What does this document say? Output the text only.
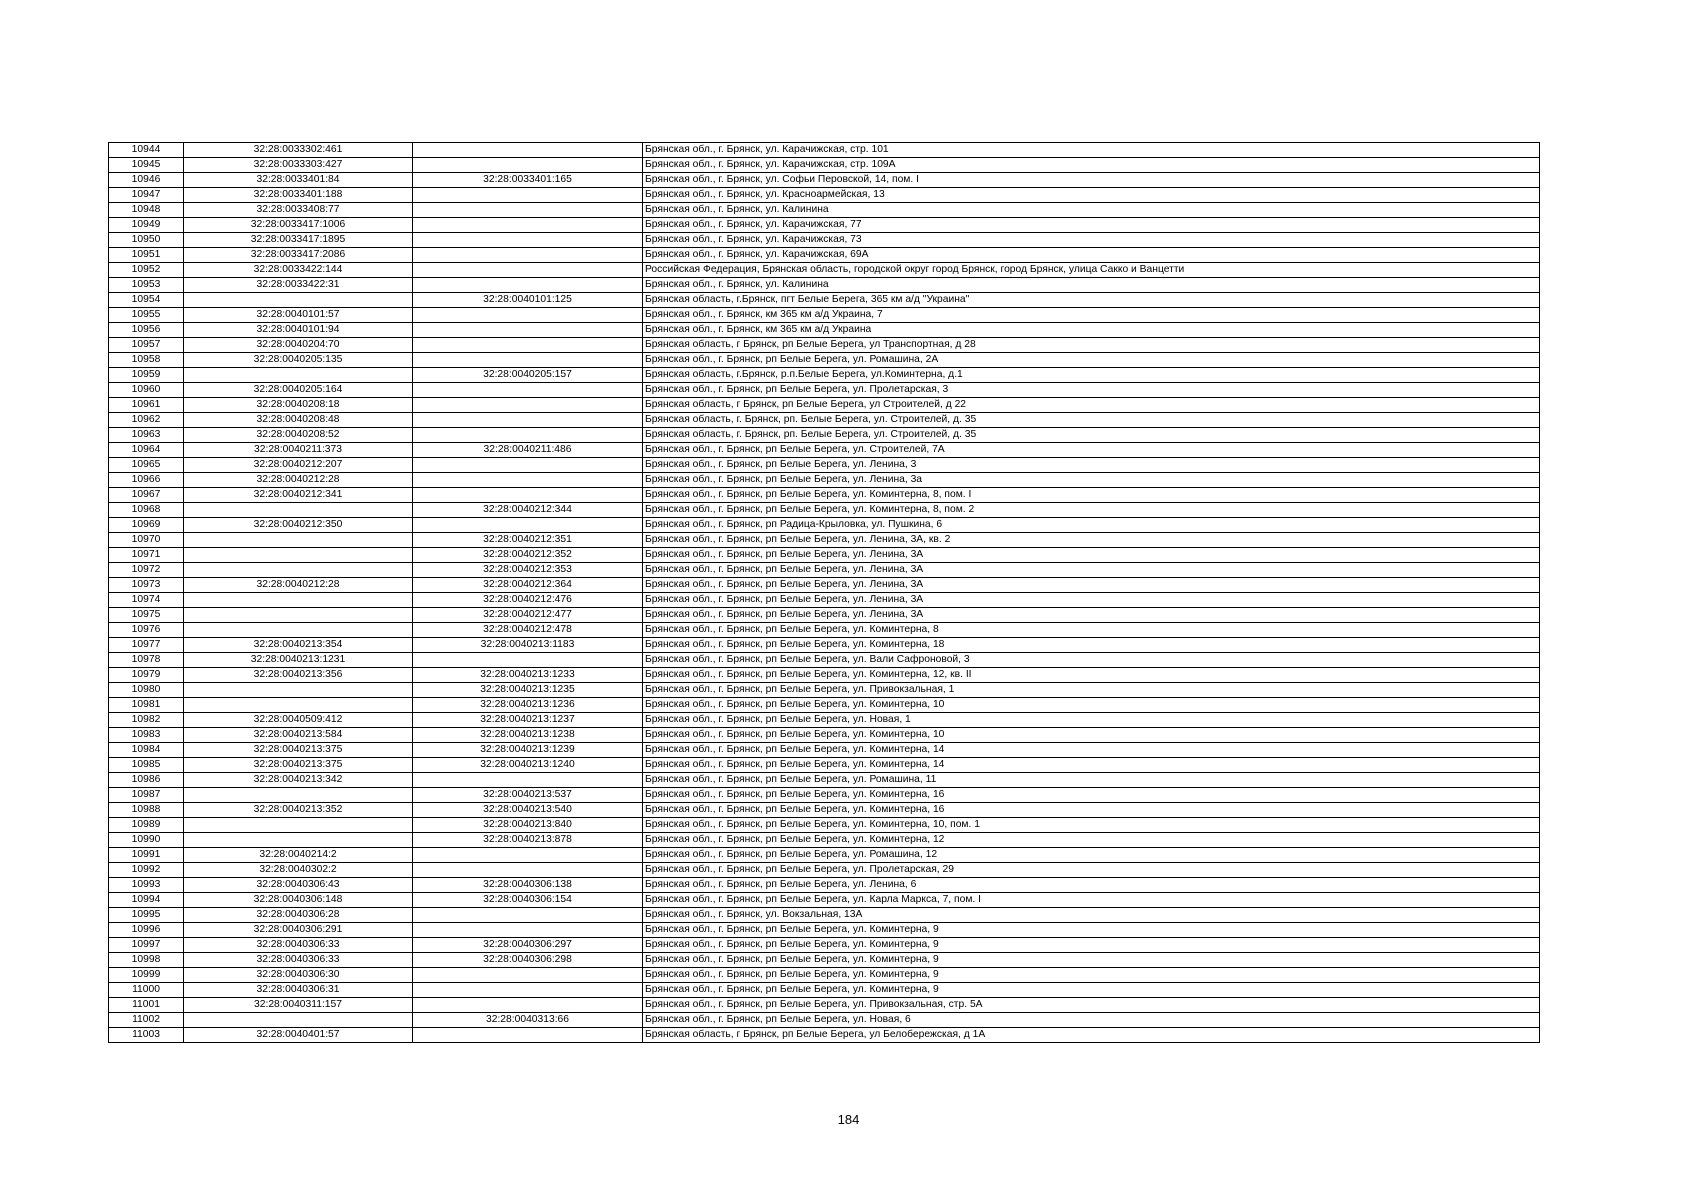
10944	32:28:0033302:461		Брянская обл., г. Брянск, ул. Карачижская, стр. 101
10945	32:28:0033303:427		Брянская обл., г. Брянск, ул. Карачижская, стр. 109А
10946	32:28:0033401:84	32:28:0033401:165	Брянская обл., г. Брянск, ул. Софьи Перовской, 14, пом. I
10947	32:28:0033401:188		Брянская обл., г. Брянск, ул. Красноармейская, 13
10948	32:28:0033408:77		Брянская обл., г. Брянск, ул. Калинина
10949	32:28:0033417:1006		Брянская обл., г. Брянск, ул. Карачижская, 77
10950	32:28:0033417:1895		Брянская обл., г. Брянск, ул. Карачижская, 73
10951	32:28:0033417:2086		Брянская обл., г. Брянск, ул. Карачижская, 69А
10952	32:28:0033422:144		Российская Федерация, Брянская область, городской округ город Брянск, город Брянск, улица Сакко и Ванцетти
10953	32:28:0033422:31		Брянская обл., г. Брянск, ул. Калинина
10954		32:28:0040101:125	Брянская область, г.Брянск, пгт Белые Берега, 365 км а/д "Украина"
10955	32:28:0040101:57		Брянская обл., г. Брянск, км 365 км а/д Украина, 7
10956	32:28:0040101:94		Брянская обл., г. Брянск, км 365 км а/д Украина
10957	32:28:0040204:70		Брянская область, г Брянск, рп Белые Берега, ул Транспортная, д 28
10958	32:28:0040205:135		Брянская обл., г. Брянск, рп Белые Берега, ул. Ромашина, 2А
10959		32:28:0040205:157	Брянская область, г.Брянск, р.п.Белые Берега, ул.Коминтерна, д.1
10960	32:28:0040205:164		Брянская обл., г. Брянск, рп Белые Берега, ул. Пролетарская, 3
10961	32:28:0040208:18		Брянская область, г Брянск, рп Белые Берега, ул Строителей, д 22
10962	32:28:0040208:48		Брянская область, г. Брянск, рп. Белые Берега, ул. Строителей, д. 35
10963	32:28:0040208:52		Брянская область, г. Брянск, рп. Белые Берега, ул. Строителей, д. 35
10964	32:28:0040211:373	32:28:0040211:486	Брянская обл., г. Брянск, рп Белые Берега, ул. Строителей, 7А
10965	32:28:0040212:207		Брянская обл., г. Брянск, рп Белые Берега, ул. Ленина, 3
10966	32:28:0040212:28		Брянская обл., г. Брянск, рп Белые Берега, ул. Ленина, 3а
10967	32:28:0040212:341		Брянская обл., г. Брянск, рп Белые Берега, ул. Коминтерна, 8, пом. I
10968		32:28:0040212:344	Брянская обл., г. Брянск, рп Белые Берега, ул. Коминтерна, 8, пом. 2
10969	32:28:0040212:350		Брянская обл., г. Брянск, рп Радица-Крыловка, ул. Пушкина, 6
10970		32:28:0040212:351	Брянская обл., г. Брянск, рп Белые Берега, ул. Ленина, 3А, кв. 2
10971		32:28:0040212:352	Брянская обл., г. Брянск, рп Белые Берега, ул. Ленина, 3А
10972		32:28:0040212:353	Брянская обл., г. Брянск, рп Белые Берега, ул. Ленина, 3А
10973	32:28:0040212:28	32:28:0040212:364	Брянская обл., г. Брянск, рп Белые Берега, ул. Ленина, 3А
10974		32:28:0040212:476	Брянская обл., г. Брянск, рп Белые Берега, ул. Ленина, 3А
10975		32:28:0040212:477	Брянская обл., г. Брянск, рп Белые Берега, ул. Ленина, 3А
10976		32:28:0040212:478	Брянская обл., г. Брянск, рп Белые Берега, ул. Коминтерна, 8
10977	32:28:0040213:354	32:28:0040213:1183	Брянская обл., г. Брянск, рп Белые Берега, ул. Коминтерна, 18
10978	32:28:0040213:1231		Брянская обл., г. Брянск, рп Белые Берега, ул. Вали Сафроновой, 3
10979	32:28:0040213:356	32:28:0040213:1233	Брянская обл., г. Брянск, рп Белые Берега, ул. Коминтерна, 12, кв. II
10980		32:28:0040213:1235	Брянская обл., г. Брянск, рп Белые Берега, ул. Привокзальная, 1
10981		32:28:0040213:1236	Брянская обл., г. Брянск, рп Белые Берега, ул. Коминтерна, 10
10982	32:28:0040509:412	32:28:0040213:1237	Брянская обл., г. Брянск, рп Белые Берега, ул. Новая, 1
10983	32:28:0040213:584	32:28:0040213:1238	Брянская обл., г. Брянск, рп Белые Берега, ул. Коминтерна, 10
10984	32:28:0040213:375	32:28:0040213:1239	Брянская обл., г. Брянск, рп Белые Берега, ул. Коминтерна, 14
10985	32:28:0040213:375	32:28:0040213:1240	Брянская обл., г. Брянск, рп Белые Берега, ул. Коминтерна, 14
10986	32:28:0040213:342		Брянская обл., г. Брянск, рп Белые Берега, ул. Ромашина, 11
10987		32:28:0040213:537	Брянская обл., г. Брянск, рп Белые Берега, ул. Коминтерна, 16
10988	32:28:0040213:352	32:28:0040213:540	Брянская обл., г. Брянск, рп Белые Берега, ул. Коминтерна, 16
10989		32:28:0040213:840	Брянская обл., г. Брянск, рп Белые Берега, ул. Коминтерна, 10, пом. 1
10990		32:28:0040213:878	Брянская обл., г. Брянск, рп Белые Берега, ул. Коминтерна, 12
10991	32:28:0040214:2		Брянская обл., г. Брянск, рп Белые Берега, ул. Ромашина, 12
10992	32:28:0040302:2		Брянская обл., г. Брянск, рп Белые Берега, ул. Пролетарская, 29
10993	32:28:0040306:43	32:28:0040306:138	Брянская обл., г. Брянск, рп Белые Берега, ул. Ленина, 6
10994	32:28:0040306:148	32:28:0040306:154	Брянская обл., г. Брянск, рп Белые Берега, ул. Карла Маркса, 7, пом. I
10995	32:28:0040306:28		Брянская обл., г. Брянск, ул. Вокзальная, 13А
10996	32:28:0040306:291		Брянская обл., г. Брянск, рп Белые Берега, ул. Коминтерна, 9
10997	32:28:0040306:33	32:28:0040306:297	Брянская обл., г. Брянск, рп Белые Берега, ул. Коминтерна, 9
10998	32:28:0040306:33	32:28:0040306:298	Брянская обл., г. Брянск, рп Белые Берега, ул. Коминтерна, 9
10999	32:28:0040306:30		Брянская обл., г. Брянск, рп Белые Берега, ул. Коминтерна, 9
11000	32:28:0040306:31		Брянская обл., г. Брянск, рп Белые Берега, ул. Коминтерна, 9
11001	32:28:0040311:157		Брянская обл., г. Брянск, рп Белые Берега, ул. Привокзальная, стр. 5А
11002		32:28:0040313:66	Брянская обл., г. Брянск, рп Белые Берега, ул. Новая, 6
11003	32:28:0040401:57		Брянская область, г Брянск, рп Белые Берега, ул Белобережская, д 1А
184
